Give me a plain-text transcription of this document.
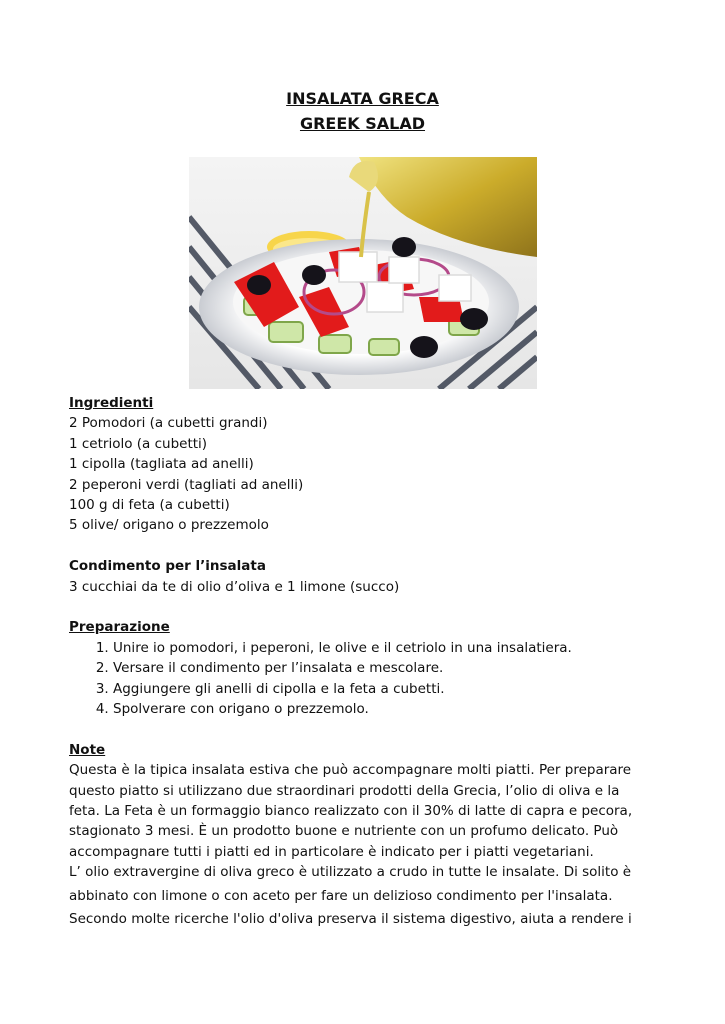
INSALATA GRECA
GREEK SALAD

Ingredienti

2 Pomodori (a cubetti grandi)

1 cetriolo (a cubetti)

1 cipolla (tagliata ad anelli)

2 peperoni verdi (tagliati ad anelli)

100 g di feta (a cubetti)

5 olive/ origano o prezzemolo

Condimento per l’insalata

3 cucchiai da te di olio d’oliva e 1 limone (succo)

Preparazione

1. Unire io pomodori, i peperoni, le olive e il cetriolo in una insalatiera.
2. Versare il condimento per l’insalata e mescolare.
3. Aggiungere gli anelli di cipolla e la feta a cubetti.
4. Spolverare con origano o prezzemolo.

Note

Questa è la tipica insalata estiva che può accompagnare molti piatti. Per preparare

questo piatto si utilizzano due straordinari prodotti della Grecia, l’olio di oliva e la

feta. La Feta è un formaggio bianco realizzato con il 30% di latte di capra e pecora,

stagionato 3 mesi. È un prodotto buone e nutriente con un profumo delicato. Può

accompagnare tutti i piatti ed in particolare è indicato per i piatti vegetariani.

L’ olio extravergine di oliva greco è utilizzato a crudo in tutte le insalate. Di solito è

abbinato con limone o con aceto per fare un delizioso condimento per l'insalata.

Secondo molte ricerche l'olio d'oliva preserva il sistema digestivo, aiuta a rendere i
